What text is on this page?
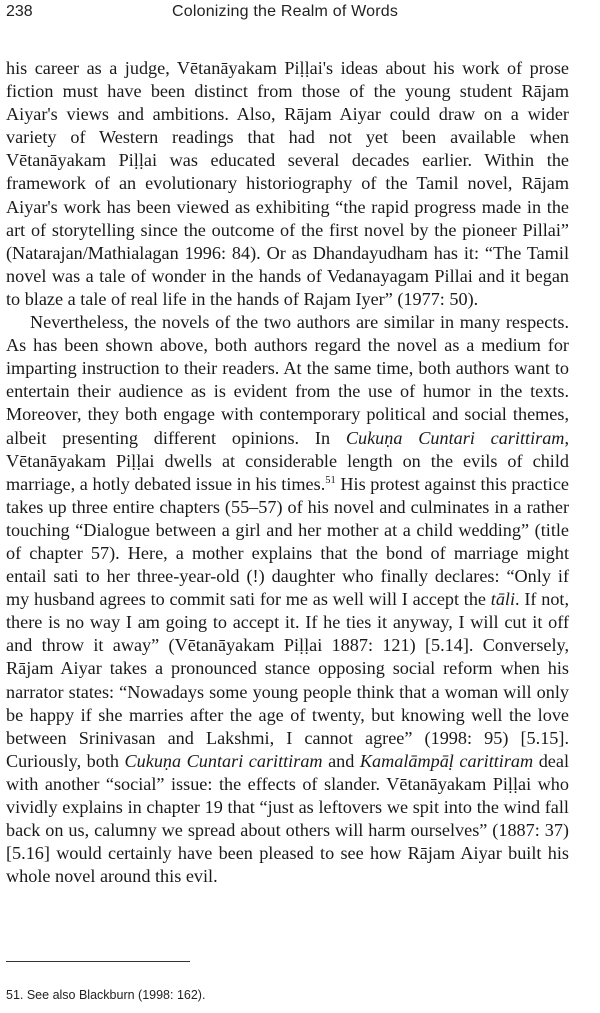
238	Colonizing the Realm of Words

his career as a judge, Vētanāyakam Piḷḷai's ideas about his work of prose fiction must have been distinct from those of the young student Rājam Aiyar's views and ambitions. Also, Rājam Aiyar could draw on a wider variety of Western readings that had not yet been available when Vētanāyakam Piḷḷai was educated several decades earlier. Within the framework of an evolutionary historiography of the Tamil novel, Rājam Aiyar's work has been viewed as exhibiting “the rapid progress made in the art of storytelling since the outcome of the first novel by the pioneer Pillai” (Natarajan/Mathialagan 1996: 84). Or as Dhandayudham has it: “The Tamil novel was a tale of wonder in the hands of Vedanayagam Pillai and it began to blaze a tale of real life in the hands of Rajam Iyer” (1977: 50).

Nevertheless, the novels of the two authors are similar in many respects. As has been shown above, both authors regard the novel as a medium for imparting instruction to their readers. At the same time, both authors want to entertain their audience as is evident from the use of humor in the texts. Moreover, they both engage with contemporary political and social themes, albeit presenting different opinions. In Cukuṇa Cuntari carittiram, Vētanāyakam Piḷḷai dwells at considerable length on the evils of child marriage, a hotly debated issue in his times.$^{51}$ His protest against this practice takes up three entire chapters (55–57) of his novel and culminates in a rather touching “Dialogue between a girl and her mother at a child wedding” (title of chapter 57). Here, a mother explains that the bond of marriage might entail sati to her three-year-old (!) daughter who finally declares: “Only if my husband agrees to commit sati for me as well will I accept the tāli. If not, there is no way I am going to accept it. If he ties it anyway, I will cut it off and throw it away” (Vētanāyakam Piḷḷai 1887: 121) [5.14]. Conversely, Rājam Aiyar takes a pronounced stance opposing social reform when his narrator states: “Nowadays some young people think that a woman will only be happy if she marries after the age of twenty, but knowing well the love between Srinivasan and Lakshmi, I cannot agree” (1998: 95) [5.15]. Curiously, both Cukuṇa Cuntari carittiram and Kamalāmpāḷ carittiram deal with another “social” issue: the effects of slander. Vētanāyakam Piḷḷai who vividly explains in chapter 19 that “just as leftovers we spit into the wind fall back on us, calumny we spread about others will harm ourselves” (1887: 37) [5.16] would certainly have been pleased to see how Rājam Aiyar built his whole novel around this evil.

51. See also Blackburn (1998: 162).
